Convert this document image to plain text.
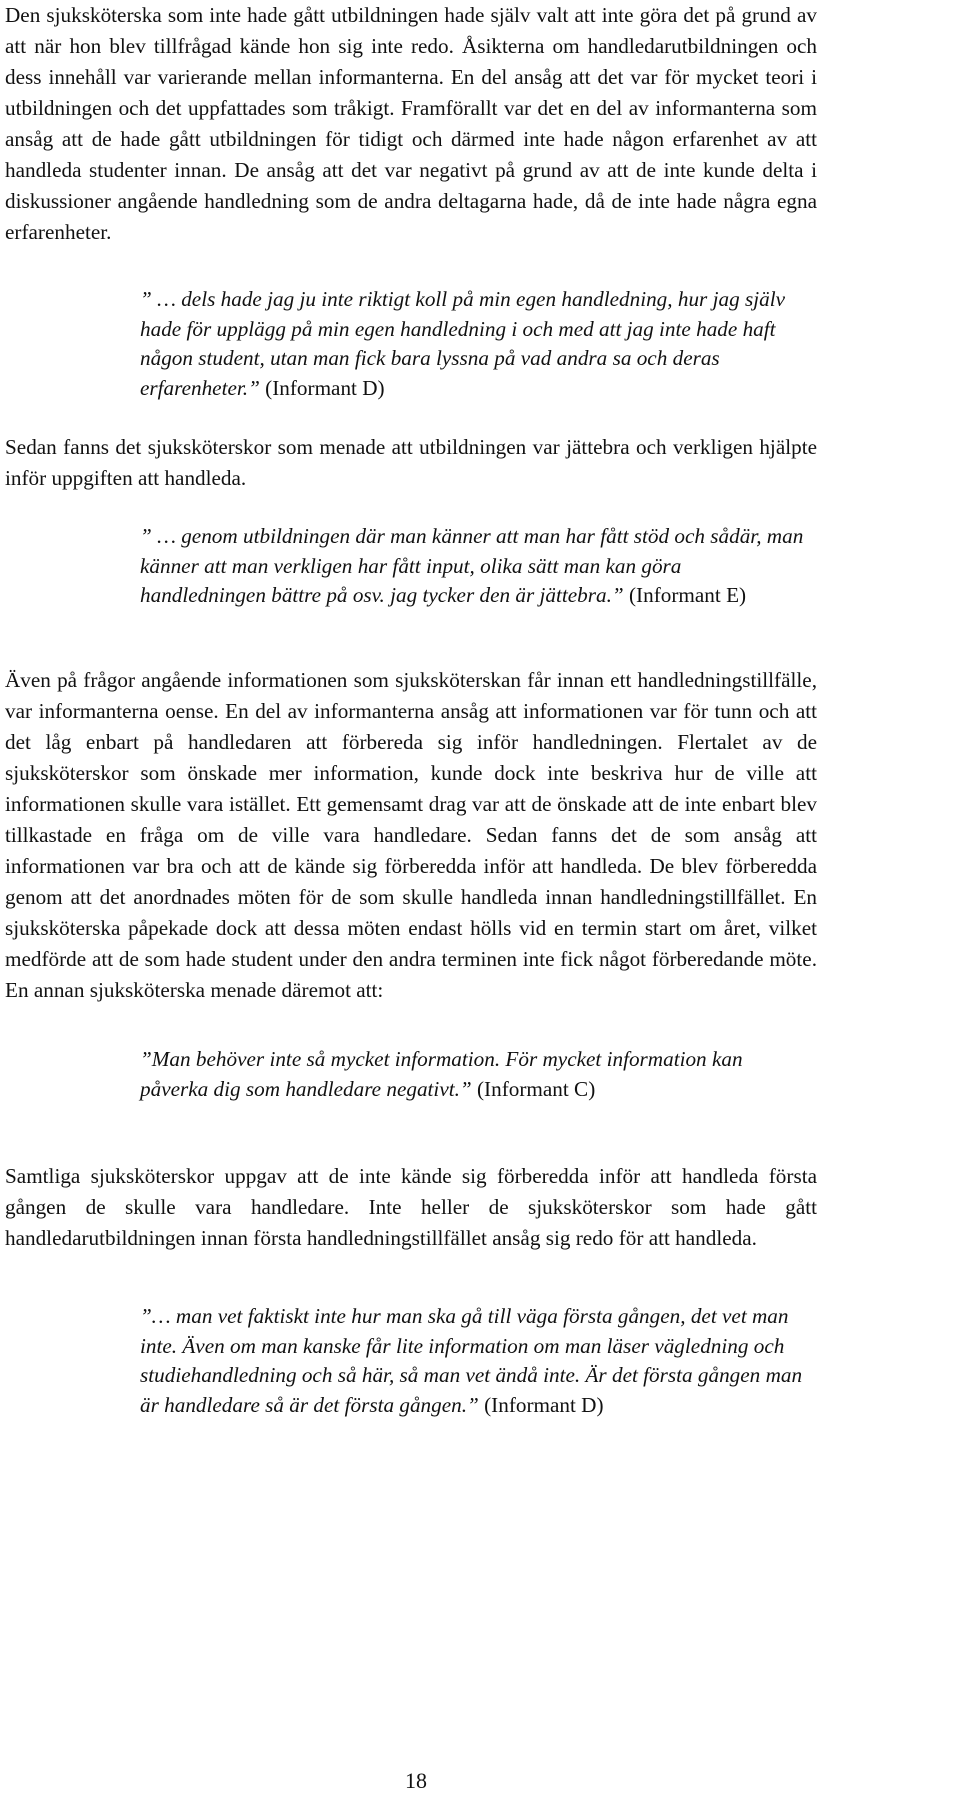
Den sjuksköterska som inte hade gått utbildningen hade själv valt att inte göra det på grund av att när hon blev tillfrågad kände hon sig inte redo. Åsikterna om handledarutbildningen och dess innehåll var varierande mellan informanterna. En del ansåg att det var för mycket teori i utbildningen och det uppfattades som tråkigt. Framförallt var det en del av informanterna som ansåg att de hade gått utbildningen för tidigt och därmed inte hade någon erfarenhet av att handleda studenter innan. De ansåg att det var negativt på grund av att de inte kunde delta i diskussioner angående handledning som de andra deltagarna hade, då de inte hade några egna erfarenheter.

” … dels hade jag ju inte riktigt koll på min egen handledning, hur jag själv hade för upplägg på min egen handledning i och med att jag inte hade haft någon student, utan man fick bara lyssna på vad andra sa och deras erfarenheter.” (Informant D)

Sedan fanns det sjuksköterskor som menade att utbildningen var jättebra och verkligen hjälpte inför uppgiften att handleda.

” … genom utbildningen där man känner att man har fått stöd och sådär, man känner att man verkligen har fått input, olika sätt man kan göra handledningen bättre på osv. jag tycker den är jättebra.” (Informant E)

Även på frågor angående informationen som sjuksköterskan får innan ett handledningstillfälle, var informanterna oense. En del av informanterna ansåg att informationen var för tunn och att det låg enbart på handledaren att förbereda sig inför handledningen. Flertalet av de sjuksköterskor som önskade mer information, kunde dock inte beskriva hur de ville att informationen skulle vara istället. Ett gemensamt drag var att de önskade att de inte enbart blev tillkastade en fråga om de ville vara handledare. Sedan fanns det de som ansåg att informationen var bra och att de kände sig förberedda inför att handleda. De blev förberedda genom att det anordnades möten för de som skulle handleda innan handledningstillfället. En sjuksköterska påpekade dock att dessa möten endast hölls vid en termin start om året, vilket medförde att de som hade student under den andra terminen inte fick något förberedande möte. En annan sjuksköterska menade däremot att:

”Man behöver inte så mycket information. För mycket information kan påverka dig som handledare negativt.” (Informant C)

Samtliga sjuksköterskor uppgav att de inte kände sig förberedda inför att handleda första gången de skulle vara handledare. Inte heller de sjuksköterskor som hade gått handledarutbildningen innan första handledningstillfället ansåg sig redo för att handleda.

”… man vet faktiskt inte hur man ska gå till väga första gången, det vet man inte. Även om man kanske får lite information om man läser vägledning och studiehandledning och så här, så man vet ändå inte. Är det första gången man är handledare så är det första gången.” (Informant D)

18
